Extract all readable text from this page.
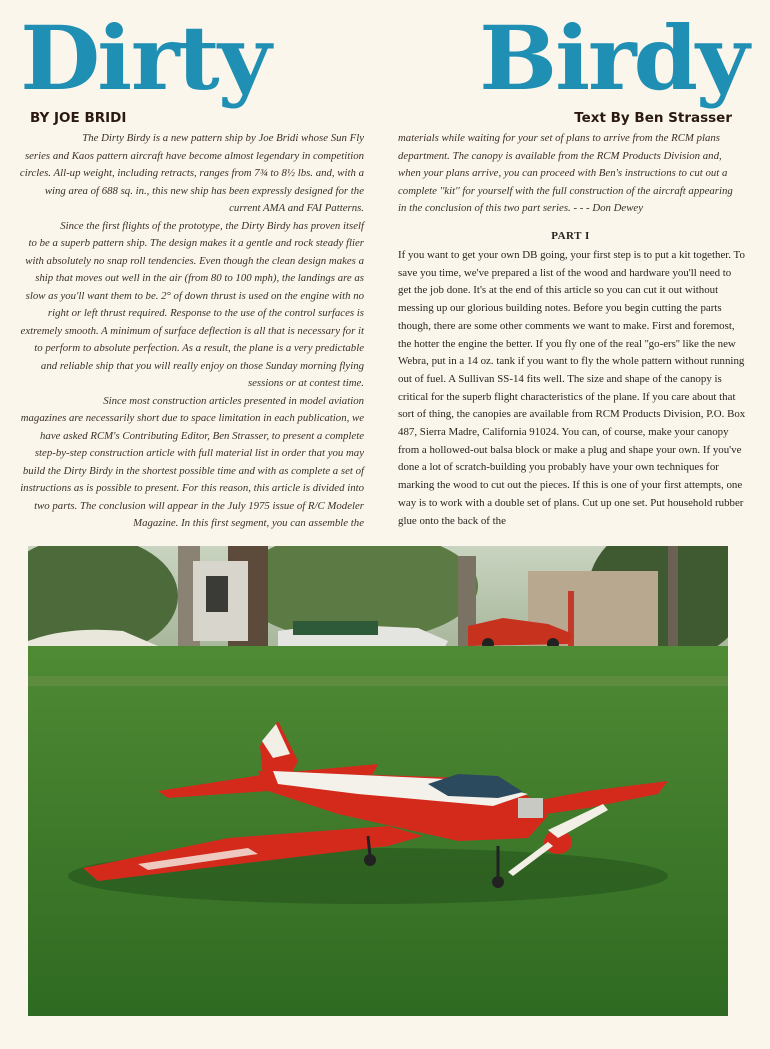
D
i
r
t
y B
i
r
d
y
BY JOE BRIDI	Text By Ben Strasser

The Dirty Birdy is a new pattern ship by Joe Bridi whose Sun Fly series and Kaos pattern aircraft have become almost legendary in competition circles. All-up weight, including retracts, ranges from 7¾ to 8½ lbs. and, with a wing area of 688 sq. in., this new ship has been expressly designed for the current AMA and FAI Patterns.

Since the first flights of the prototype, the Dirty Birdy has proven itself to be a superb pattern ship. The design makes it a gentle and rock steady flier with absolutely no snap roll tendencies. Even though the clean design makes a ship that moves out well in the air (from 80 to 100 mph), the landings are as slow as you'll want them to be. 2° of down thrust is used on the engine with no right or left thrust required. Response to the use of the control surfaces is extremely smooth. A minimum of surface deflection is all that is necessary for it to perform to absolute perfection. As a result, the plane is a very predictable and reliable ship that you will really enjoy on those Sunday morning flying sessions or at contest time.

Since most construction articles presented in model aviation magazines are necessarily short due to space limitation in each publication, we have asked RCM's Contributing Editor, Ben Strasser, to present a complete step-by-step construction article with full material list in order that you may build the Dirty Birdy in the shortest possible time and with as complete a set of instructions as is possible to present. For this reason, this article is divided into two parts. The conclusion will appear in the July 1975 issue of R/C Modeler Magazine. In this first segment, you can assemble the

materials while waiting for your set of plans to arrive from the RCM plans department. The canopy is available from the RCM Products Division and, when your plans arrive, you can proceed with Ben's instructions to cut out a complete ''kit'' for yourself with the full construction of the aircraft appearing in the conclusion of this two part series. - - - Don Dewey

PART I

If you want to get your own DB going, your first step is to put a kit together. To save you time, we've prepared a list of the wood and hardware you'll need to get the job done. It's at the end of this article so you can cut it out without messing up our glorious building notes. Before you begin cutting the parts though, there are some other comments we want to make. First and foremost, the hotter the engine the better. If you fly one of the real ''go-ers'' like the new Webra, put in a 14 oz. tank if you want to fly the whole pattern without running out of fuel. A Sullivan SS-14 fits well. The size and shape of the canopy is critical for the superb flight characteristics of the plane. If you care about that sort of thing, the canopies are available from RCM Products Division, P.O. Box 487, Sierra Madre, California 91024. You can, of course, make your canopy from a hollowed-out balsa block or make a plug and shape your own. If you've done a lot of scratch-building you probably have your own techniques for marking the wood to cut out the pieces. If this is one of your first attempts, one way is to work with a double set of plans. Cut up one set. Put household rubber glue onto the back of the
